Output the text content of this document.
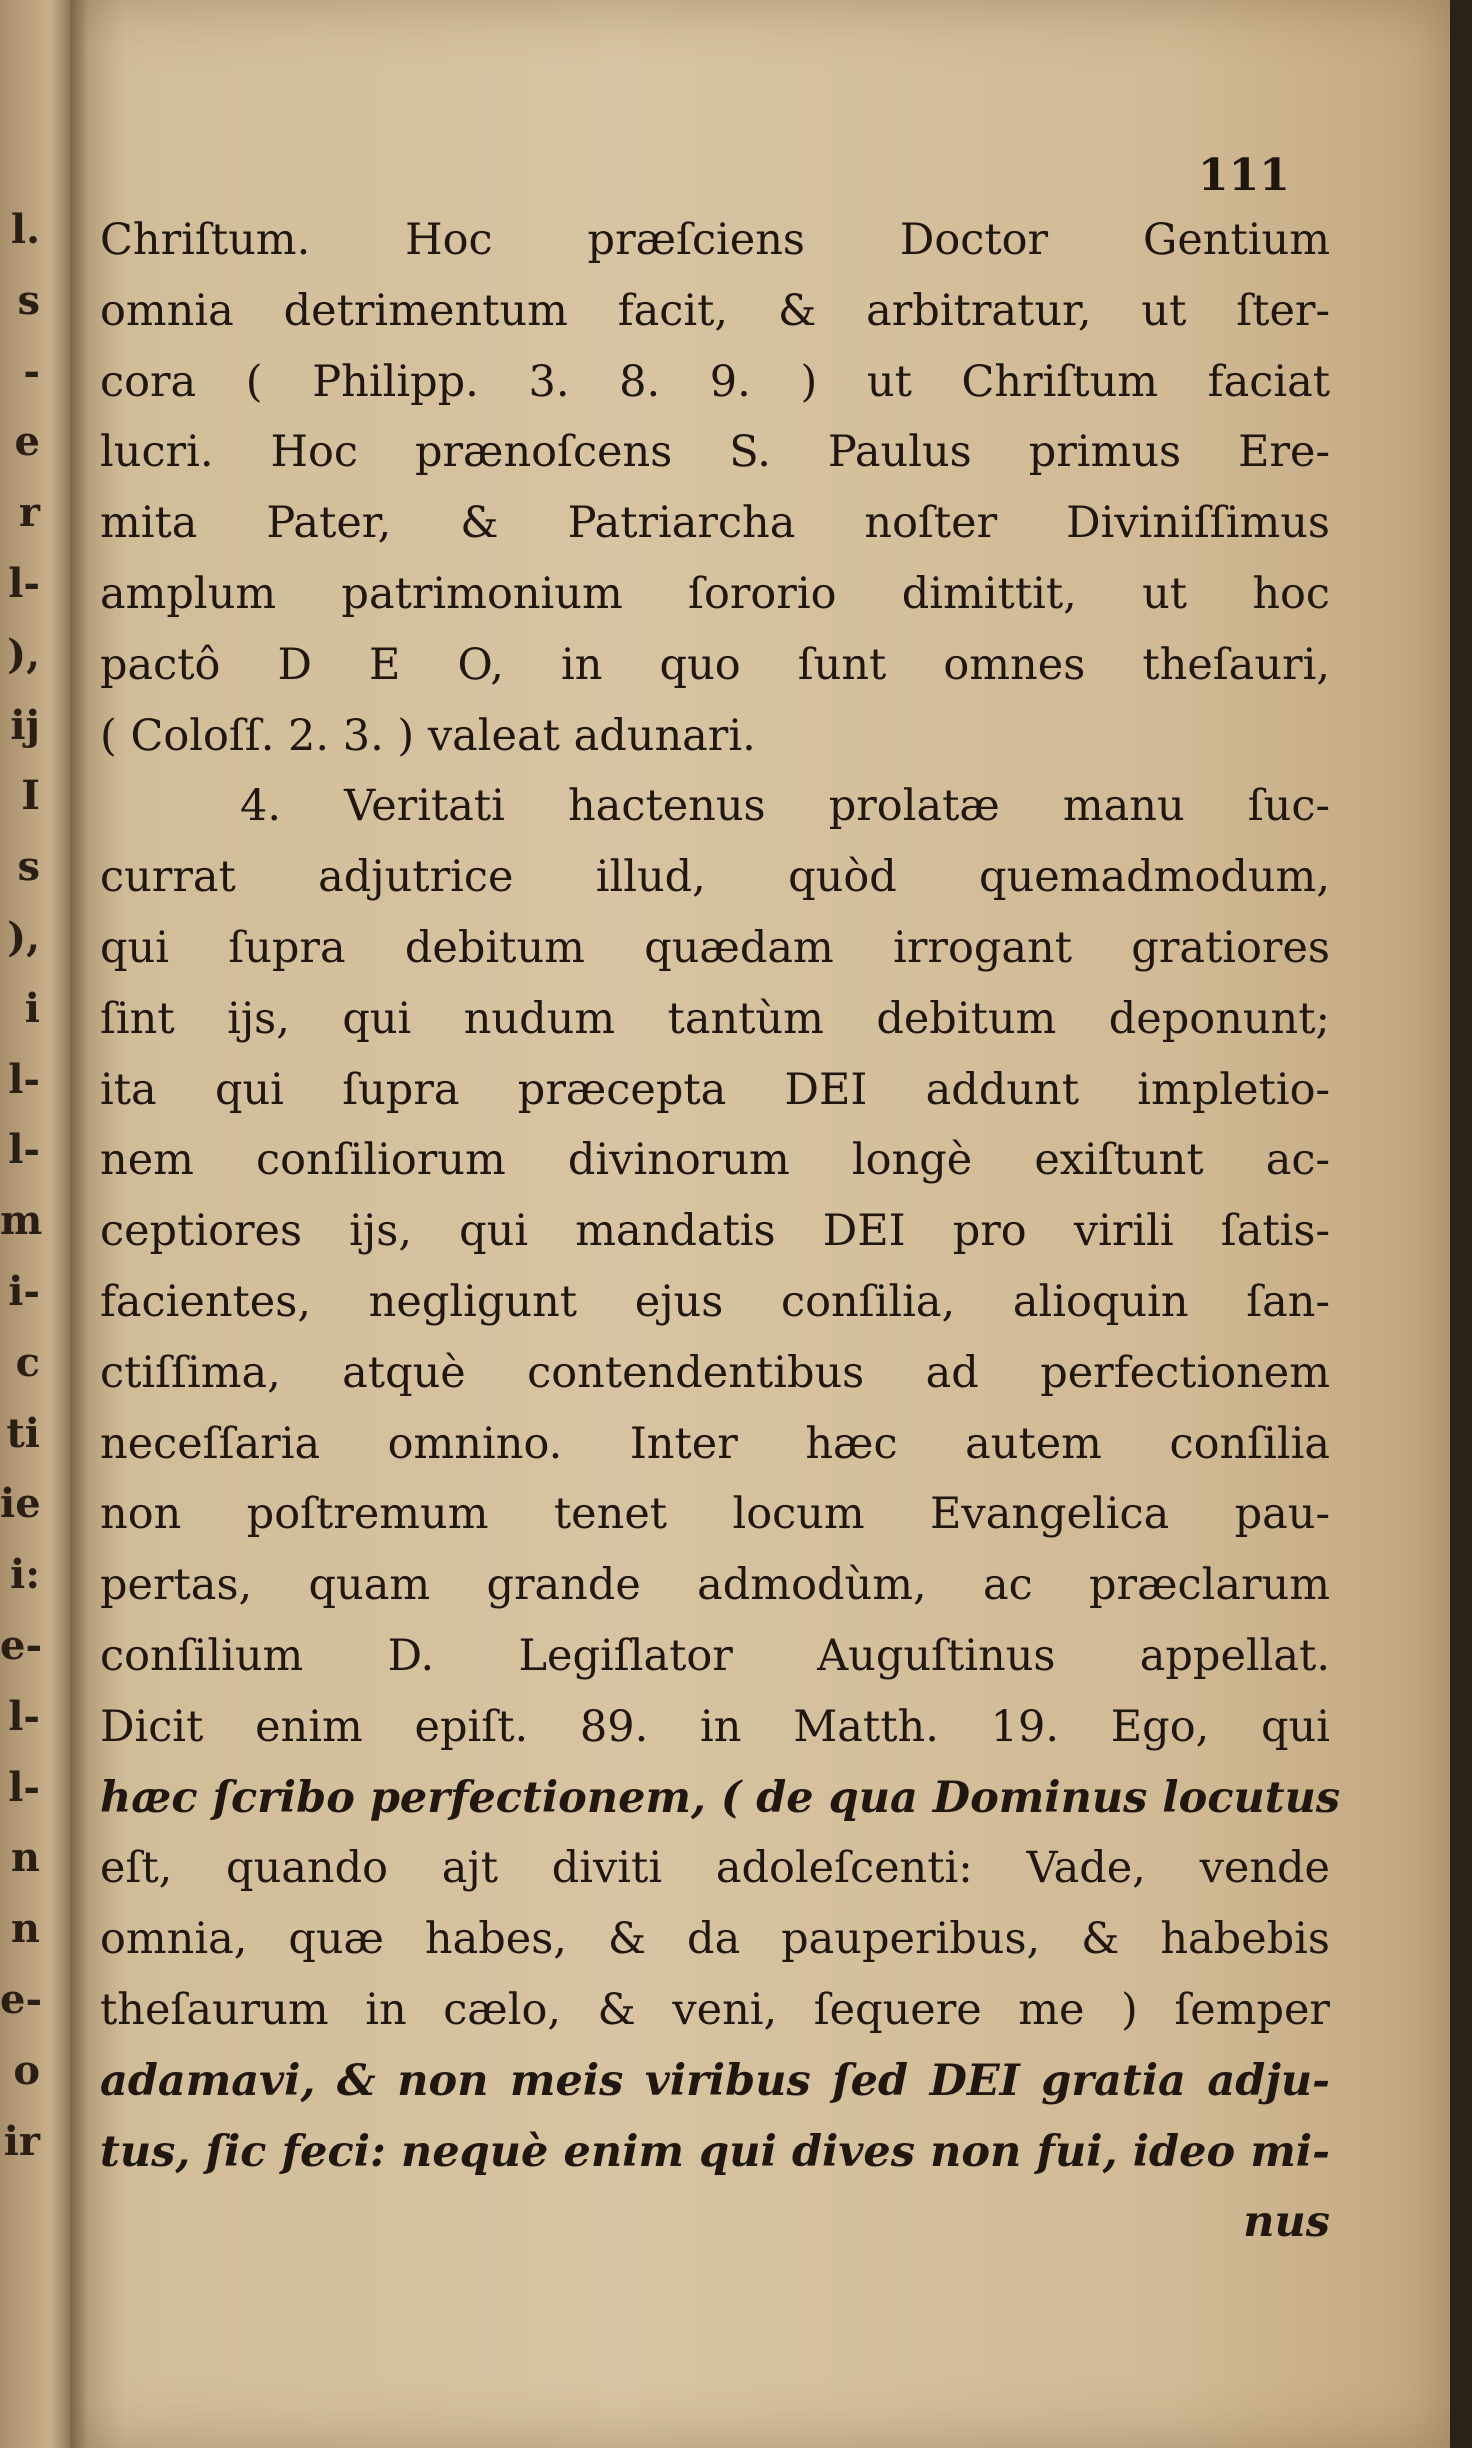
l.
s
-
e
r
l-
),
ij
I
s
),
i
l-
l-
m
i-
c
ti
ie
i:
e-
l-
l-
n
n
e-
o
ir
111
Chriſtum. Hoc præſciens Doctor Gentium
omnia detrimentum facit, & arbitratur, ut ſter-
cora ( Philipp. 3. 8. 9. ) ut Chriſtum faciat
lucri. Hoc prænoſcens S. Paulus primus Ere-
mita Pater, & Patriarcha noſter Diviniſſimus
amplum patrimonium ſororio dimittit, ut hoc
pactô D E O, in quo ſunt omnes theſauri,
( Coloſſ. 2. 3. ) valeat adunari.
4. Veritati hactenus prolatæ manu ſuc-
currat adjutrice illud, quòd quemadmodum,
qui ſupra debitum quædam irrogant gratiores
ſint ijs, qui nudum tantùm debitum deponunt;
ita qui ſupra præcepta DEI addunt impletio-
nem conſiliorum divinorum longè exiſtunt ac-
ceptiores ijs, qui mandatis DEI pro virili ſatis-
facientes, negligunt ejus conſilia, alioquin ſan-
ctiſſima, atquè contendentibus ad perfectionem
neceſſaria omnino. Inter hæc autem conſilia
non poſtremum tenet locum Evangelica pau-
pertas, quam grande admodùm, ac præclarum
conſilium D. Legiſlator Auguſtinus appellat.
Dicit enim epiſt. 89. in Matth. 19. Ego, qui
hæc ſcribo perfectionem, ( de qua Dominus locutus
eſt, quando ajt diviti adoleſcenti: Vade, vende
omnia, quæ habes, & da pauperibus, & habebis
theſaurum in cælo, & veni, ſequere me ) ſemper
adamavi, & non meis viribus ſed DEI gratia adju-
tus, ſic feci: nequè enim qui dives non fui, ideo mi-
nus
